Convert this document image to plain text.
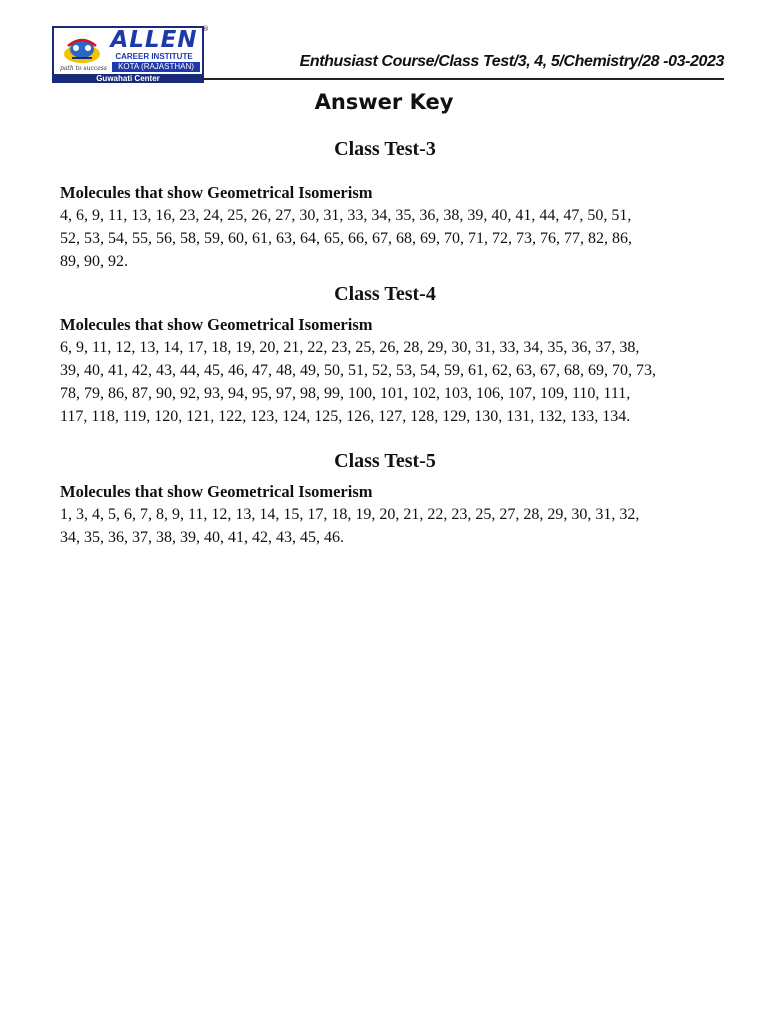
ALLEN
CAREER INSTITUTE
KOTA (RAJASTHAN)
path to success
Guwahati Center
®
Enthusiast Course/Class Test/3, 4, 5/Chemistry/28 -03-2023
Answer Key
Class Test-3
Molecules that show Geometrical Isomerism
4, 6, 9, 11, 13, 16, 23, 24, 25, 26, 27, 30, 31, 33, 34, 35, 36, 38, 39, 40, 41, 44, 47, 50, 51,
52, 53, 54, 55, 56, 58, 59, 60, 61, 63, 64, 65, 66, 67, 68, 69, 70, 71, 72, 73, 76, 77, 82, 86,
89, 90, 92.
Class Test-4
Molecules that show Geometrical Isomerism
6, 9, 11, 12, 13, 14, 17, 18, 19, 20, 21, 22, 23, 25, 26, 28, 29, 30, 31, 33, 34, 35, 36, 37, 38,
39, 40, 41, 42, 43, 44, 45, 46, 47, 48, 49, 50, 51, 52, 53, 54, 59, 61, 62, 63, 67, 68, 69, 70, 73,
78, 79, 86, 87, 90, 92, 93, 94, 95, 97, 98, 99, 100, 101, 102, 103, 106, 107, 109, 110, 111,
117, 118, 119, 120, 121, 122, 123, 124, 125, 126, 127, 128, 129, 130, 131, 132, 133, 134.
Class Test-5
Molecules that show Geometrical Isomerism
1, 3, 4, 5, 6, 7, 8, 9, 11, 12, 13, 14, 15, 17, 18, 19, 20, 21, 22, 23, 25, 27, 28, 29, 30, 31, 32,
34, 35, 36, 37, 38, 39, 40, 41, 42, 43, 45, 46.
